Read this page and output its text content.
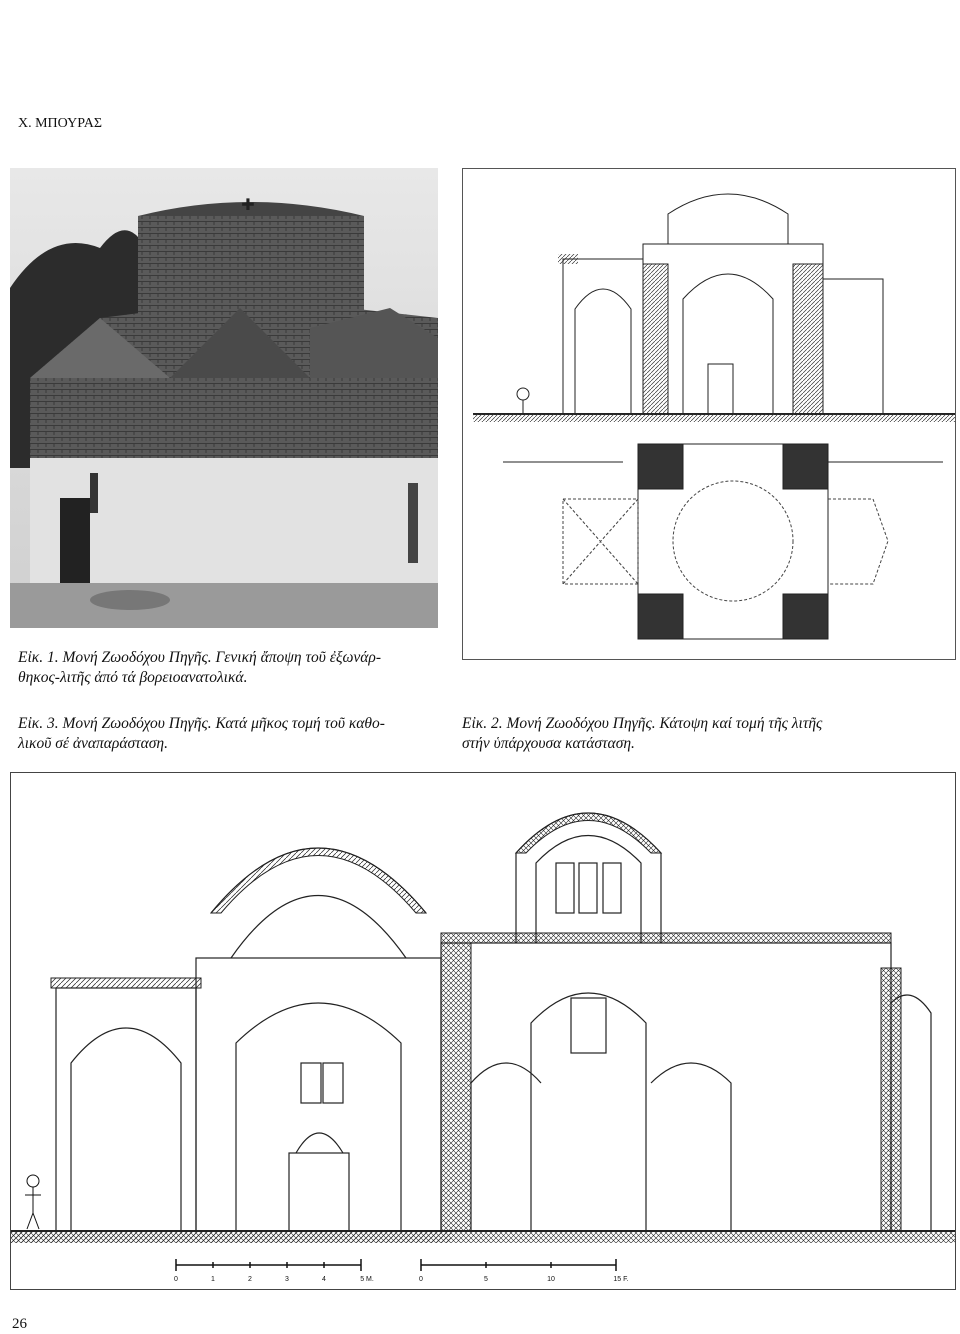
Χ. ΜΠΟΥΡΑΣ
✚
Εἰκ. 1. Μονή Ζωοδόχου Πηγῆς. Γενική ἄποψη τοῦ ἐξωνάρ-
θηκος-λιτῆς ἀπό τά βορειοανατολικά.
Εἰκ. 3. Μονή Ζωοδόχου Πηγῆς. Κατά μῆκος τομή τοῦ καθο-
λικοῦ σέ ἀναπαράσταση.
Εἰκ. 2. Μονή Ζωοδόχου Πηγῆς. Κάτοψη καί τομή τῆς λιτῆς
στήν ὑπάρχουσα κατάσταση.
0	1	2	3	4	5 M.	0	5	10	15 F.
26
